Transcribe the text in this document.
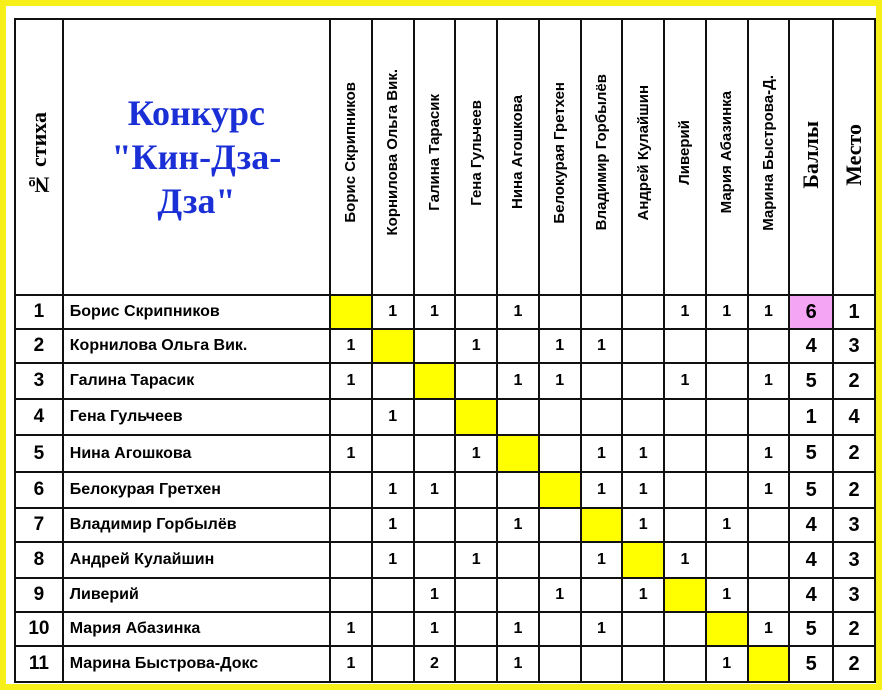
№ стиха	Конкурс
"Кин-Дза-
Дза"	Борис Скрипников	Корнилова Ольга Вик.	Галина Тарасик	Гена Гульчеев	Нина Агошкова	Белокурая Гретхен	Владимир Горбылёв	Андрей Кулайшин	Ливерий	Мария Абазинка	Марина Быстрова-Д.	Баллы	Место
1	Борис Скрипников		1	1		1				1	1	1	6	1
2	Корнилова Ольга Вик.	1			1		1	1					4	3
3	Галина Тарасик	1				1	1			1		1	5	2
4	Гена Гульчеев		1										1	4
5	Нина Агошкова	1			1			1	1			1	5	2
6	Белокурая Гретхен		1	1				1	1			1	5	2
7	Владимир Горбылёв		1			1			1		1		4	3
8	Андрей Кулайшин		1		1			1		1			4	3
9	Ливерий			1			1		1		1		4	3
10	Мария Абазинка	1		1		1		1				1	5	2
11	Марина Быстрова-Докс	1		2		1					1		5	2
